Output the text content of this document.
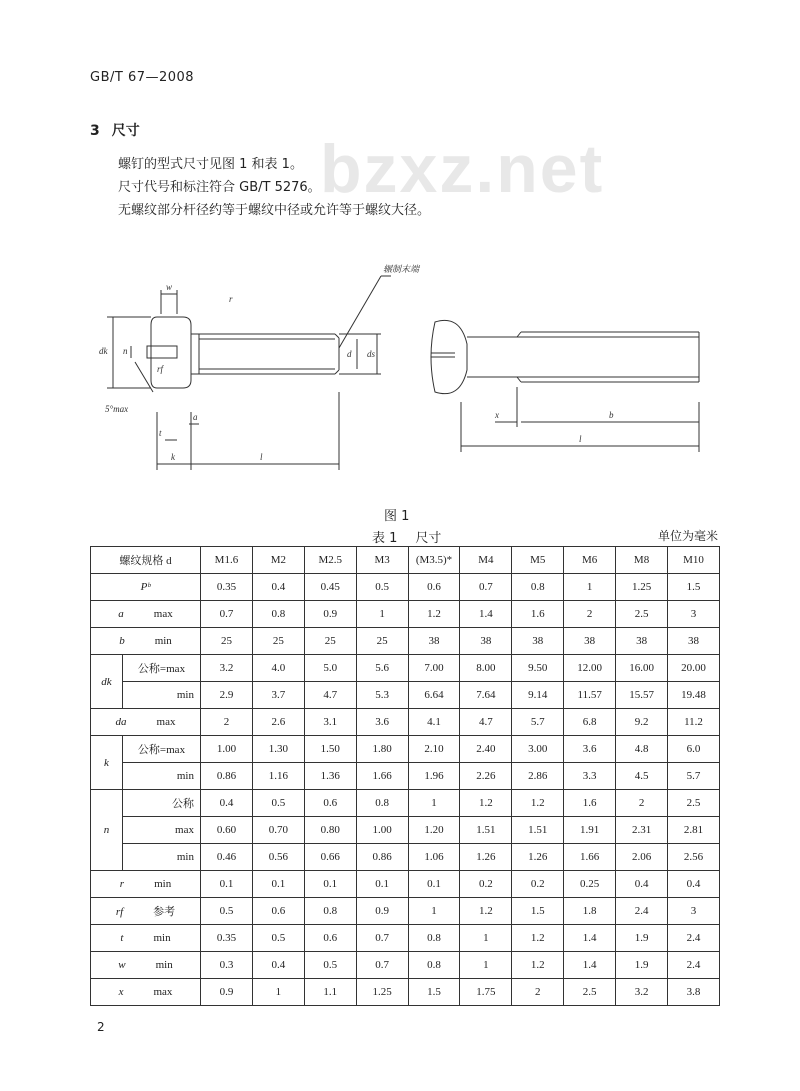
GB/T 67—2008
bzxz.net
3 尺寸
螺钉的型式尺寸见图 1 和表 1。
尺寸代号和标注符合 GB/T 5276。
无螺纹部分杆径约等于螺纹中径或允许等于螺纹大径。
辗制末端
w
r
dk n
rf
5°max
a
t
k	l
d ds
x	b
l
图 1
表 1 尺寸	单位为毫米
螺纹规格 d		M1.6	M2	M2.5	M3	(M3.5)*	M4	M5	M6	M8	M10
Pᵇ		0.35	0.4	0.45	0.5	0.6	0.7	0.8	1	1.25	1.5
a max		0.7	0.8	0.9	1	1.2	1.4	1.6	2	2.5	3
b min		25	25	25	25	38	38	38	38	38	38
dk	公称=max	3.2	4.0	5.0	5.6	7.00	8.00	9.50	12.00	16.00	20.00
	min	2.9	3.7	4.7	5.3	6.64	7.64	9.14	11.57	15.57	19.48
da max		2	2.6	3.1	3.6	4.1	4.7	5.7	6.8	9.2	11.2
k	公称=max	1.00	1.30	1.50	1.80	2.10	2.40	3.00	3.6	4.8	6.0
	min	0.86	1.16	1.36	1.66	1.96	2.26	2.86	3.3	4.5	5.7
n	公称	0.4	0.5	0.6	0.8	1	1.2	1.2	1.6	2	2.5
	max	0.60	0.70	0.80	1.00	1.20	1.51	1.51	1.91	2.31	2.81
	min	0.46	0.56	0.66	0.86	1.06	1.26	1.26	1.66	2.06	2.56
r min		0.1	0.1	0.1	0.1	0.1	0.2	0.2	0.25	0.4	0.4
rf 参考		0.5	0.6	0.8	0.9	1	1.2	1.5	1.8	2.4	3
t min		0.35	0.5	0.6	0.7	0.8	1	1.2	1.4	1.9	2.4
w min		0.3	0.4	0.5	0.7	0.8	1	1.2	1.4	1.9	2.4
x max		0.9	1	1.1	1.25	1.5	1.75	2	2.5	3.2	3.8
2
